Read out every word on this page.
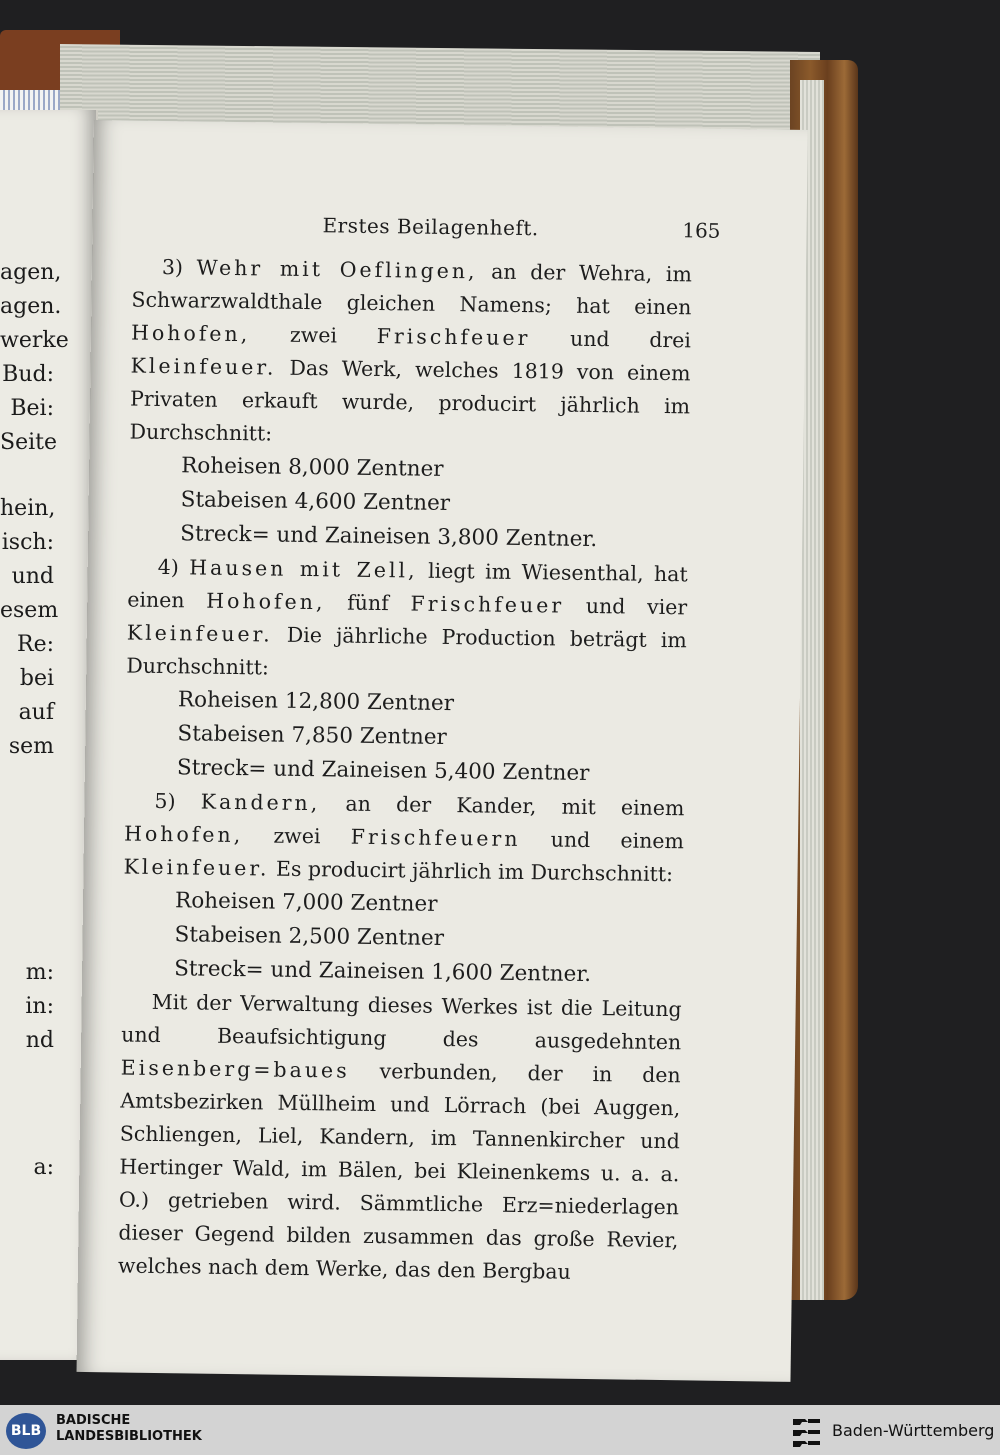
agen,
agen.
werke
Bud:
Bei:
Seite
hein,
isch:
und
esem
Re:
bei
auf
sem
m:
in:
nd
a:
Erstes Beilagenheft.	165

3) Wehr mit Oeflingen, an der Wehra, im Schwarzwaldthale gleichen Namens; hat einen Hohofen, zwei Frischfeuer und drei Kleinfeuer. Das Werk, welches 1819 von einem Privaten erkauft wurde, producirt jährlich im Durchschnitt:

Roheisen 8,000 Zentner
Stabeisen 4,600 Zentner
Streck= und Zaineisen 3,800 Zentner.

4) Hausen mit Zell, liegt im Wiesenthal, hat einen Hohofen, fünf Frischfeuer und vier Kleinfeuer. Die jährliche Production beträgt im Durchschnitt:

Roheisen 12,800 Zentner
Stabeisen 7,850 Zentner
Streck= und Zaineisen 5,400 Zentner

5) Kandern, an der Kander, mit einem Hohofen, zwei Frischfeuern und einem Kleinfeuer. Es producirt jährlich im Durchschnitt:

Roheisen 7,000 Zentner
Stabeisen 2,500 Zentner
Streck= und Zaineisen 1,600 Zentner.

Mit der Verwaltung dieses Werkes ist die Leitung und Beaufsichtigung des ausgedehnten Eisenberg=baues verbunden, der in den Amtsbezirken Müllheim und Lörrach (bei Auggen, Schliengen, Liel, Kandern, im Tannenkircher und Hertinger Wald, im Bälen, bei Kleinenkems u. a. a. O.) getrieben wird. Sämmtliche Erz=niederlagen dieser Gegend bilden zusammen das große Revier, welches nach dem Werke, das den Bergbau

BLB
BADISCHE
LANDESBIBLIOTHEK	Baden-Württemberg
